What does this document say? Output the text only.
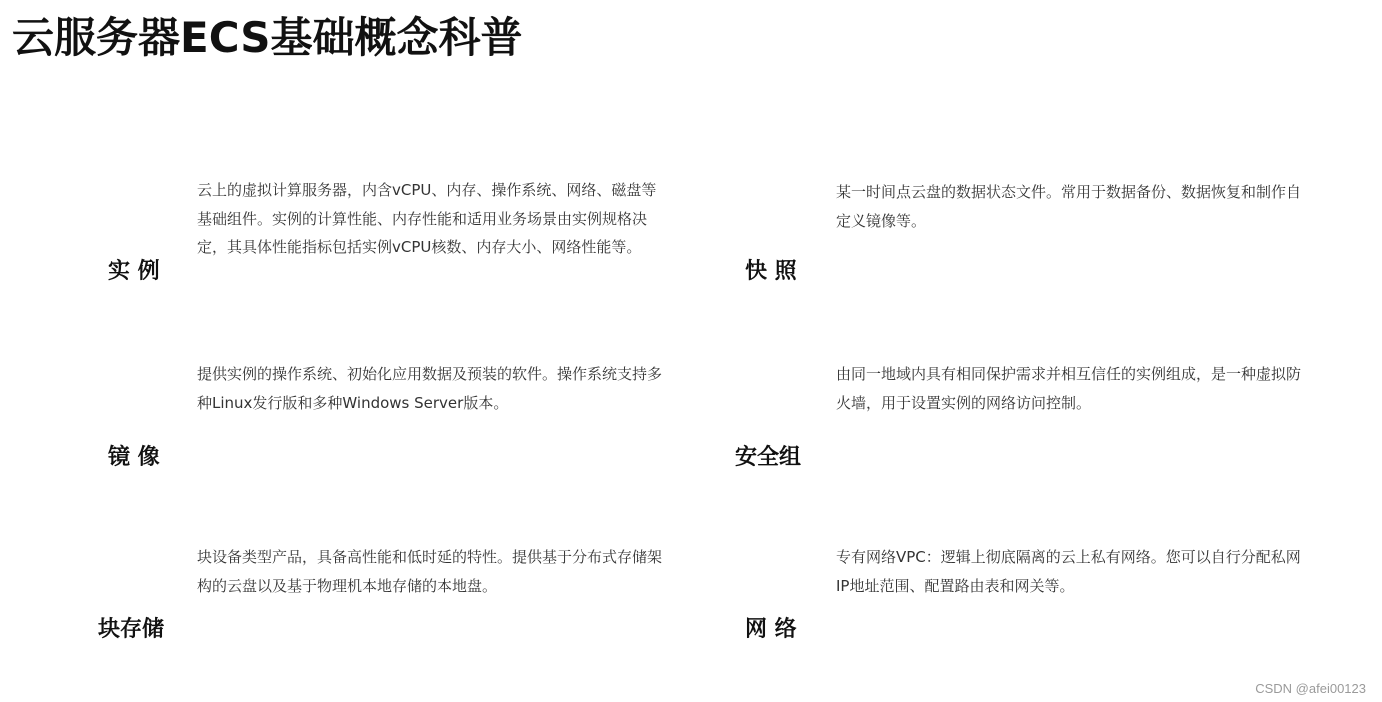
云服务器ECS基础概念科普
实 例

云上的虚拟计算服务器，内含vCPU、内存、操作系统、网络、磁盘等基础组件。实例的计算性能、内存性能和适用业务场景由实例规格决定，其具体性能指标包括实例vCPU核数、内存大小、网络性能等。

镜 像

提供实例的操作系统、初始化应用数据及预装的软件。操作系统支持多种Linux发行版和多种Windows Server版本。

块存储

块设备类型产品，具备高性能和低时延的特性。提供基于分布式存储架构的云盘以及基于物理机本地存储的本地盘。

快 照

某一时间点云盘的数据状态文件。常用于数据备份、数据恢复和制作自定义镜像等。

安全组

由同一地域内具有相同保护需求并相互信任的实例组成，是一种虚拟防火墙，用于设置实例的网络访问控制。

网 络

专有网络VPC：逻辑上彻底隔离的云上私有网络。您可以自行分配私网IP地址范围、配置路由表和网关等。

CSDN @afei00123
